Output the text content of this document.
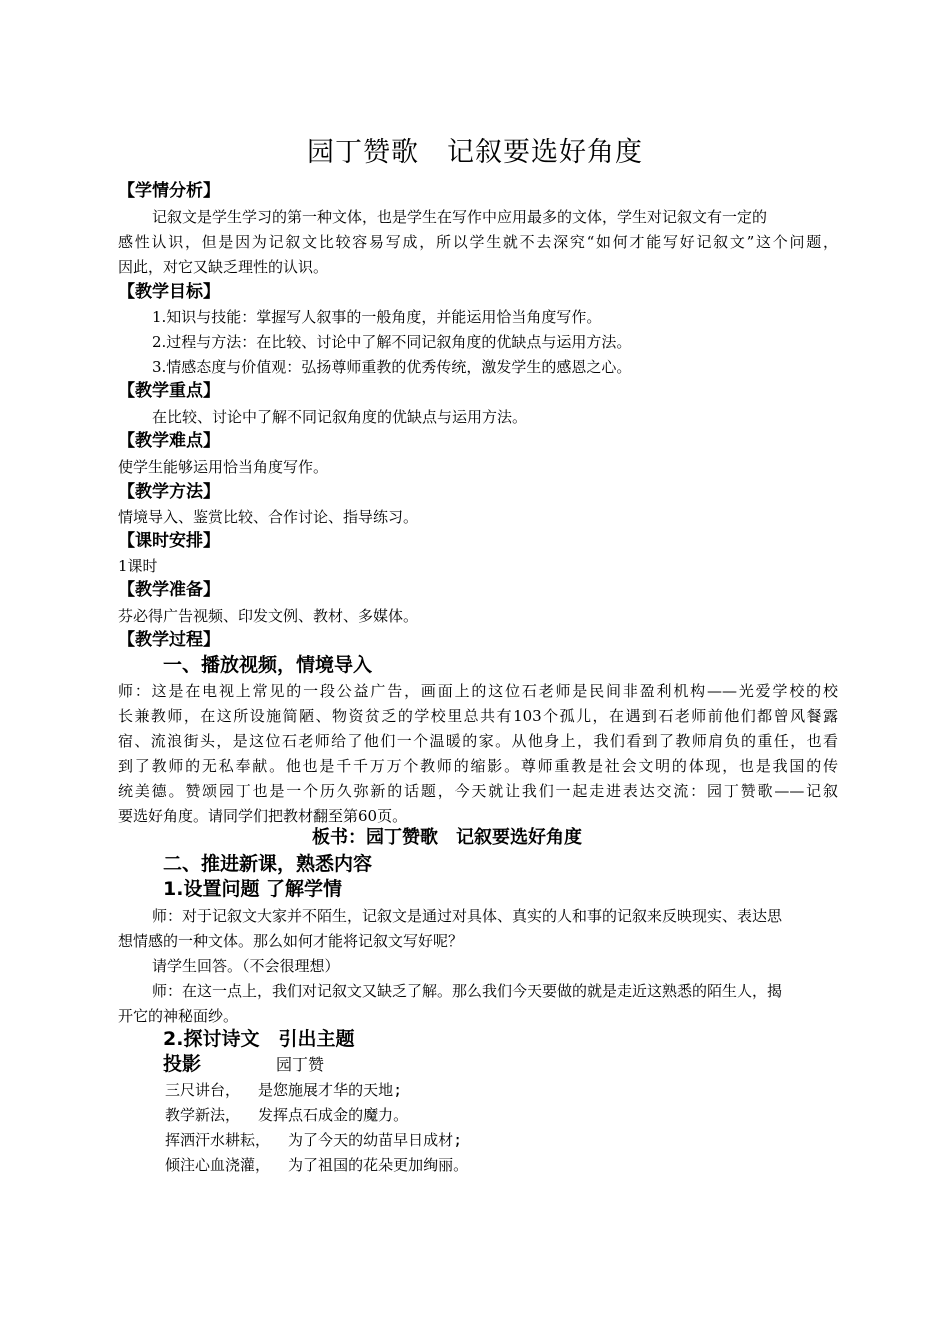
园丁赞歌　记叙要选好角度
【学情分析】
记叙文是学生学习的第一种文体，也是学生在写作中应用最多的文体，学生对记叙文有一定的
感性认识，但是因为记叙文比较容易写成，所以学生就不去深究“如何才能写好记叙文”这个问题，
因此，对它又缺乏理性的认识。
【教学目标】
1.知识与技能：掌握写人叙事的一般角度，并能运用恰当角度写作。
2.过程与方法：在比较、讨论中了解不同记叙角度的优缺点与运用方法。
3.情感态度与价值观：弘扬尊师重教的优秀传统，激发学生的感恩之心。
【教学重点】
在比较、讨论中了解不同记叙角度的优缺点与运用方法。
【教学难点】
使学生能够运用恰当角度写作。
【教学方法】
情境导入、鉴赏比较、合作讨论、指导练习。
【课时安排】
1课时
【教学准备】
芬必得广告视频、印发文例、教材、多媒体。
【教学过程】
一、播放视频，情境导入
师：这是在电视上常见的一段公益广告，画面上的这位石老师是民间非盈利机构——光爱学校的校
长兼教师，在这所设施简陋、物资贫乏的学校里总共有103个孤儿，在遇到石老师前他们都曾风餐露
宿、流浪街头，是这位石老师给了他们一个温暖的家。从他身上，我们看到了教师肩负的重任，也看
到了教师的无私奉献。他也是千千万万个教师的缩影。尊师重教是社会文明的体现，也是我国的传
统美德。赞颂园丁也是一个历久弥新的话题，今天就让我们一起走进表达交流：园丁赞歌——记叙
要选好角度。请同学们把教材翻至第60页。
板书：园丁赞歌　记叙要选好角度
二、推进新课，熟悉内容
1.设置问题 了解学情
师：对于记叙文大家并不陌生，记叙文是通过对具体、真实的人和事的记叙来反映现实、表达思
想情感的一种文体。那么如何才能将记叙文写好呢？
请学生回答。（不会很理想）
师：在这一点上，我们对记叙文又缺乏了解。那么我们今天要做的就是走近这熟悉的陌生人，揭
开它的神秘面纱。
2.探讨诗文　引出主题
投影	园丁赞
三尺讲台，  是您施展才华的天地;
教学新法，  发挥点石成金的魔力。
挥洒汗水耕耘，  为了今天的幼苗早日成材;
倾注心血浇灌，  为了祖国的花朵更加绚丽。
